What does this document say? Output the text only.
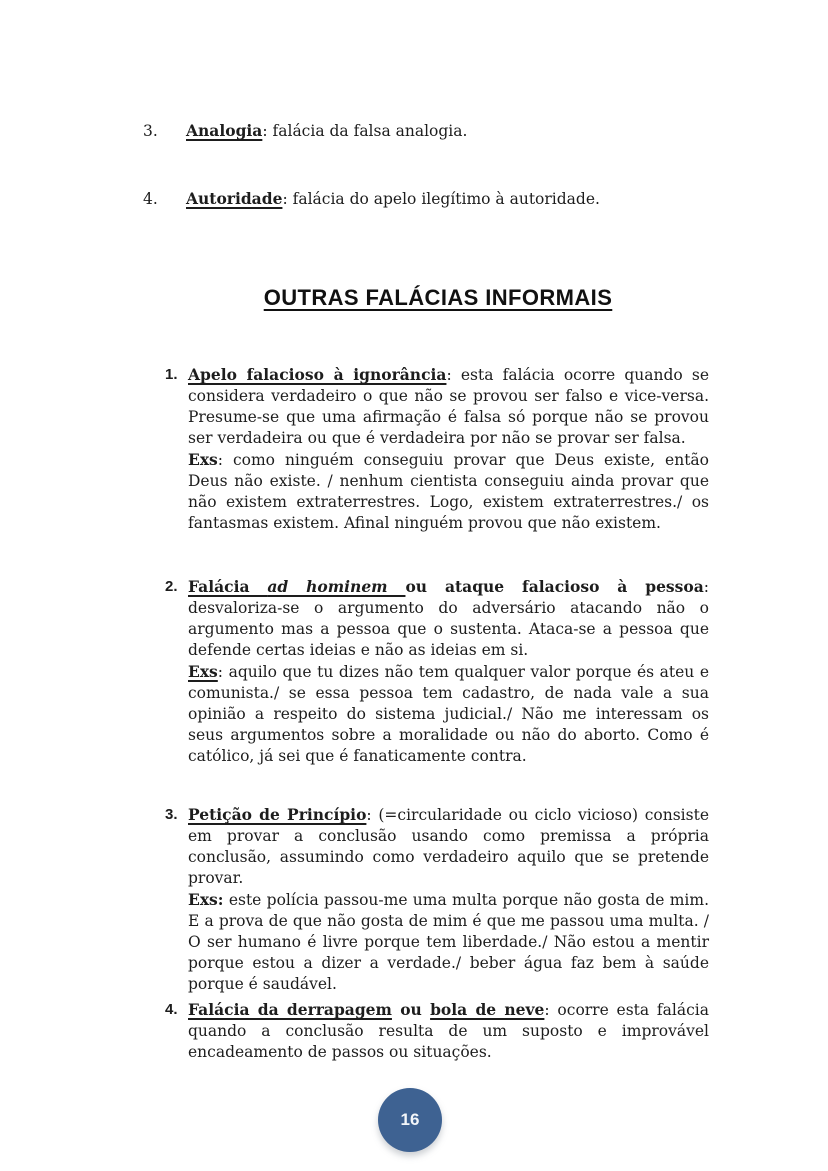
3. Analogia: falácia da falsa analogia.
4. Autoridade: falácia do apelo ilegítimo à autoridade.
OUTRAS FALÁCIAS INFORMAIS
1. Apelo falacioso à ignorância: esta falácia ocorre quando se considera verdadeiro o que não se provou ser falso e vice-versa. Presume-se que uma afirmação é falsa só porque não se provou ser verdadeira ou que é verdadeira por não se provar ser falsa.
Exs: como ninguém conseguiu provar que Deus existe, então Deus não existe. / nenhum cientista conseguiu ainda provar que não existem extraterrestres. Logo, existem extraterrestres./ os fantasmas existem. Afinal ninguém provou que não existem.
2. Falácia ad hominem ou ataque falacioso à pessoa: desvaloriza-se o argumento do adversário atacando não o argumento mas a pessoa que o sustenta. Ataca-se a pessoa que defende certas ideias e não as ideias em si.
Exs: aquilo que tu dizes não tem qualquer valor porque és ateu e comunista./ se essa pessoa tem cadastro, de nada vale a sua opinião a respeito do sistema judicial./ Não me interessam os seus argumentos sobre a moralidade ou não do aborto. Como é católico, já sei que é fanaticamente contra.
3. Petição de Princípio: (=circularidade ou ciclo vicioso) consiste em provar a conclusão usando como premissa a própria conclusão, assumindo como verdadeiro aquilo que se pretende provar.
Exs: este polícia passou-me uma multa porque não gosta de mim. E a prova de que não gosta de mim é que me passou uma multa. / O ser humano é livre porque tem liberdade./ Não estou a mentir porque estou a dizer a verdade./ beber água faz bem à saúde porque é saudável.
4. Falácia da derrapagem ou bola de neve: ocorre esta falácia quando a conclusão resulta de um suposto e improvável encadeamento de passos ou situações.
16
